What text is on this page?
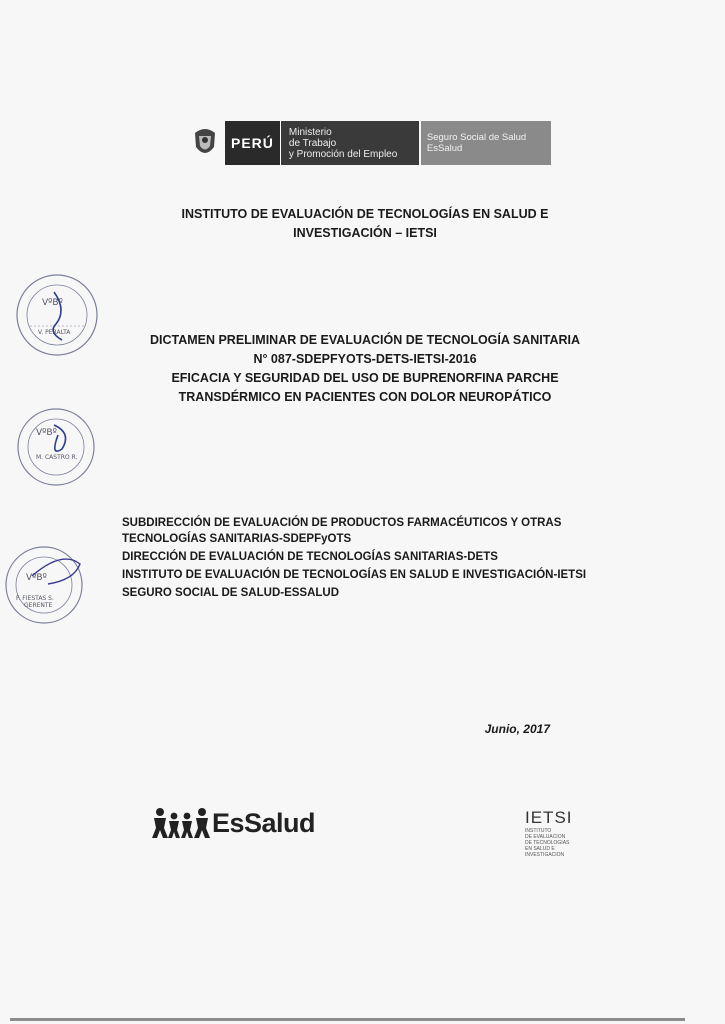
PERÚ
Ministerio
de Trabajo
y Promoción del Empleo
Seguro Social de Salud
EsSalud
INSTITUTO DE EVALUACIÓN DE TECNOLOGÍAS EN SALUD E
INVESTIGACIÓN – IETSI
VºBº
V. PERALTA
VºBº
M. CASTRO R.
VºBº
F. FIESTAS S.
GERENTE
DICTAMEN PRELIMINAR DE EVALUACIÓN DE TECNOLOGÍA SANITARIA
N° 087-SDEPFYOTS-DETS-IETSI-2016
EFICACIA Y SEGURIDAD DEL USO DE BUPRENORFINA PARCHE
TRANSDÉRMICO EN PACIENTES CON DOLOR NEUROPÁTICO
SUBDIRECCIÓN DE EVALUACIÓN DE PRODUCTOS FARMACÉUTICOS Y OTRAS TECNOLOGÍAS SANITARIAS-SDEPFyOTS
DIRECCIÓN DE EVALUACIÓN DE TECNOLOGÍAS SANITARIAS-DETS
INSTITUTO DE EVALUACIÓN DE TECNOLOGÍAS EN SALUD E INVESTIGACIÓN-IETSI
SEGURO SOCIAL DE SALUD-ESSALUD
Junio, 2017
EsSalud	IETSI
INSTITUTO
DE EVALUACION
DE TECNOLOGIAS
EN SALUD E
INVESTIGACION
